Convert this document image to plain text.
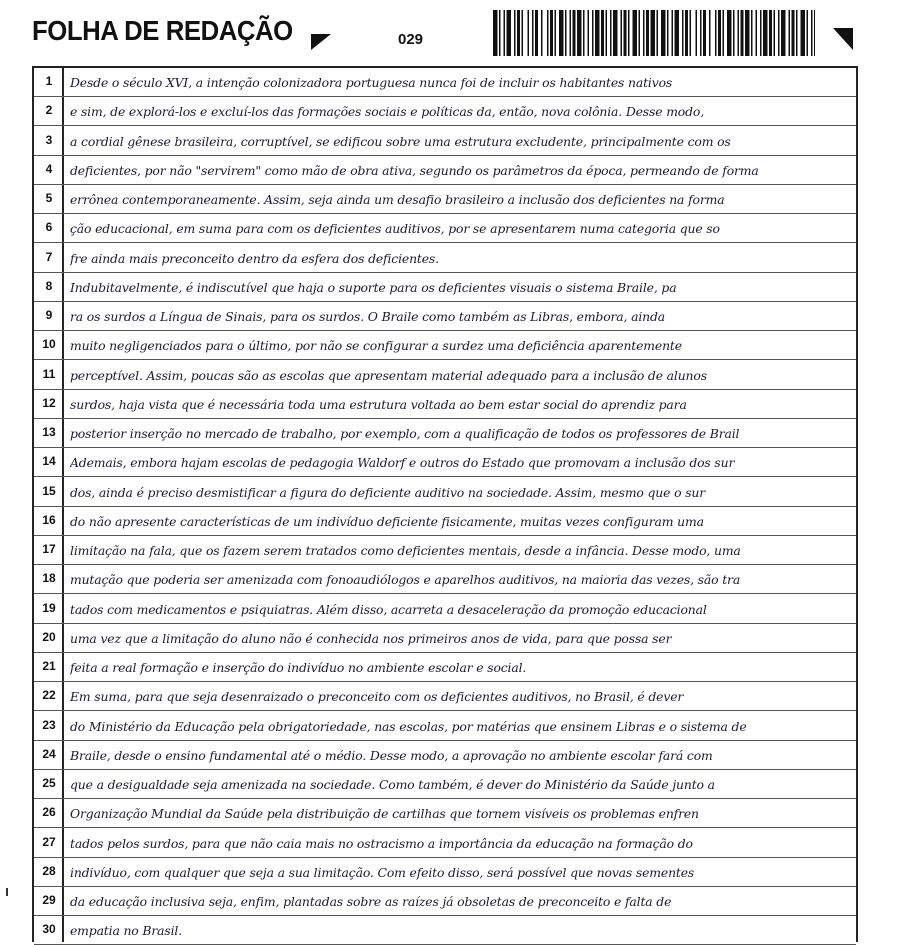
FOLHA DE REDAÇÃO	029
1	Desde o século XVI, a intenção colonizadora portuguesa nunca foi de incluir os habitantes nativos
2	e sim, de explorá-los e excluí-los das formações sociais e políticas da, então, nova colônia. Desse modo,
3	a cordial gênese brasileira, corruptível, se edificou sobre uma estrutura excludente, principalmente com os
4	deficientes, por não "servirem" como mão de obra ativa, segundo os parâmetros da época, permeando de forma
5	errônea contemporaneamente. Assim, seja ainda um desafio brasileiro a inclusão dos deficientes na forma
6	ção educacional, em suma para com os deficientes auditivos, por se apresentarem numa categoria que so
7	fre ainda mais preconceito dentro da esfera dos deficientes.
8	Indubitavelmente, é indiscutível que haja o suporte para os deficientes visuais o sistema Braile, pa
9	ra os surdos a Língua de Sinais, para os surdos. O Braile como também as Libras, embora, ainda
10	muito negligenciados para o último, por não se configurar a surdez uma deficiência aparentemente
11	perceptível. Assim, poucas são as escolas que apresentam material adequado para a inclusão de alunos
12	surdos, haja vista que é necessária toda uma estrutura voltada ao bem estar social do aprendiz para
13	posterior inserção no mercado de trabalho, por exemplo, com a qualificação de todos os professores de Brail
14	Ademais, embora hajam escolas de pedagogia Waldorf e outros do Estado que promovam a inclusão dos sur
15	dos, ainda é preciso desmistificar a figura do deficiente auditivo na sociedade. Assim, mesmo que o sur
16	do não apresente características de um indivíduo deficiente fisicamente, muitas vezes configuram uma
17	limitação na fala, que os fazem serem tratados como deficientes mentais, desde a infância. Desse modo, uma
18	mutação que poderia ser amenizada com fonoaudiólogos e aparelhos auditivos, na maioria das vezes, são tra
19	tados com medicamentos e psiquiatras. Além disso, acarreta a desaceleração da promoção educacional
20	uma vez que a limitação do aluno não é conhecida nos primeiros anos de vida, para que possa ser
21	feita a real formação e inserção do indivíduo no ambiente escolar e social.
22	Em suma, para que seja desenraizado o preconceito com os deficientes auditivos, no Brasil, é dever
23	do Ministério da Educação pela obrigatoriedade, nas escolas, por matérias que ensinem Libras e o sistema de
24	Braile, desde o ensino fundamental até o médio. Desse modo, a aprovação no ambiente escolar fará com
25	que a desigualdade seja amenizada na sociedade. Como também, é dever do Ministério da Saúde junto a
26	Organização Mundial da Saúde pela distribuição de cartilhas que tornem visíveis os problemas enfren
27	tados pelos surdos, para que não caia mais no ostracismo a importância da educação na formação do
28	indivíduo, com qualquer que seja a sua limitação. Com efeito disso, será possível que novas sementes
29	da educação inclusiva seja, enfim, plantadas sobre as raízes já obsoletas de preconceito e falta de
30	empatia no Brasil.
